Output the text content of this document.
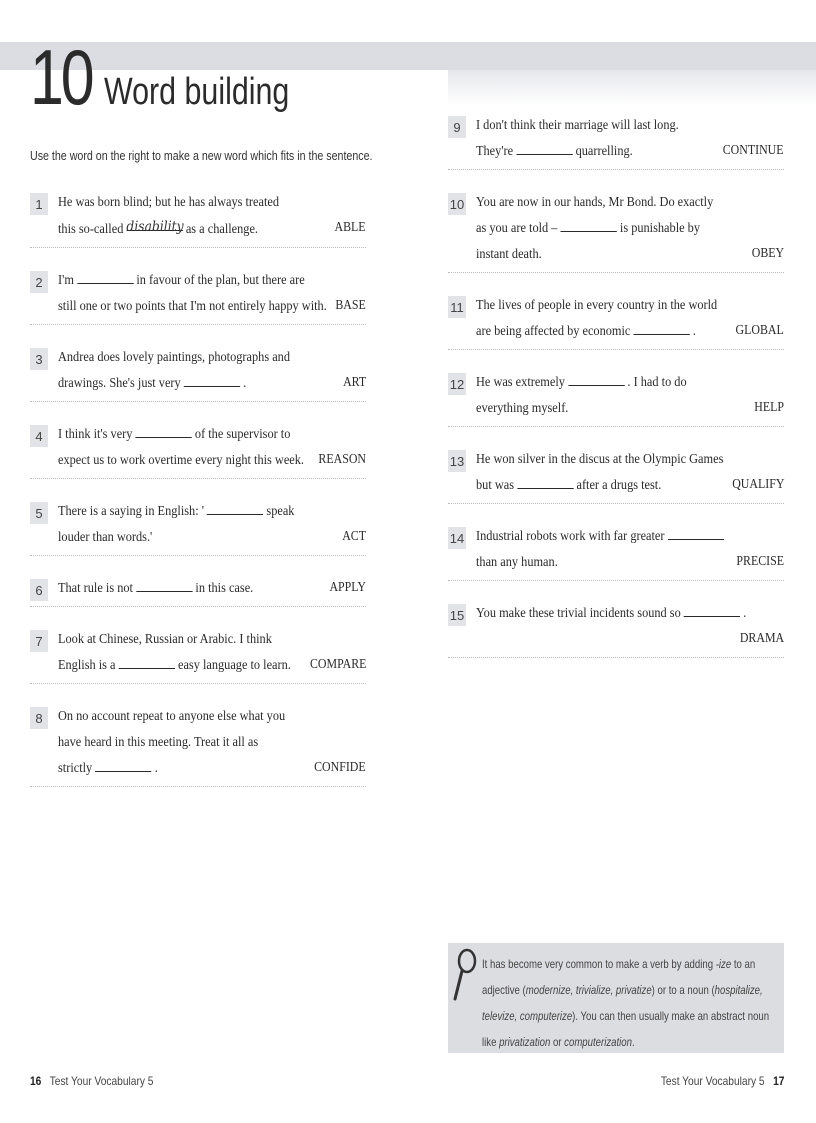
10 Word building
Use the word on the right to make a new word which fits in the sentence.
1	He was born blind; but he has always treated
this so-called disability as a challenge.	ABLE
2	I'm	in favour of the plan, but there are
still one or two points that I'm not entirely happy with. BASE
3	Andrea does lovely paintings, photographs and
drawings. She's just very	.	ART
4	I think it's very	of the supervisor to
expect us to work overtime every night this week.	REASON
5	There is a saying in English: '	speak
louder than words.'	ACT
6	That rule is not	in this case.	APPLY
7	Look at Chinese, Russian or Arabic. I think
English is a	easy language to learn.	COMPARE
8	On no account repeat to anyone else what you
have heard in this meeting. Treat it all as
strictly	.	CONFIDE
9	I don't think their marriage will last long.
They're	quarrelling.	CONTINUE
10 You are now in our hands, Mr Bond. Do exactly
as you are told –	is punishable by
instant death.	OBEY
11 The lives of people in every country in the world
are being affected by economic	.	GLOBAL
12 He was extremely	. I had to do
everything myself.	HELP
13 He won silver in the discus at the Olympic Games
but was	after a drugs test.	QUALIFY
14 Industrial robots work with far greater
than any human.	PRECISE
15 You make these trivial incidents sound so	.
DRAMA
It has become very common to make a verb by adding -ize to an adjective (modernize, trivialize, privatize) or to a noun (hospitalize, televize, computerize). You can then usually make an abstract noun like privatization or computerization.
16 Test Your Vocabulary 5	Test Your Vocabulary 5 17
